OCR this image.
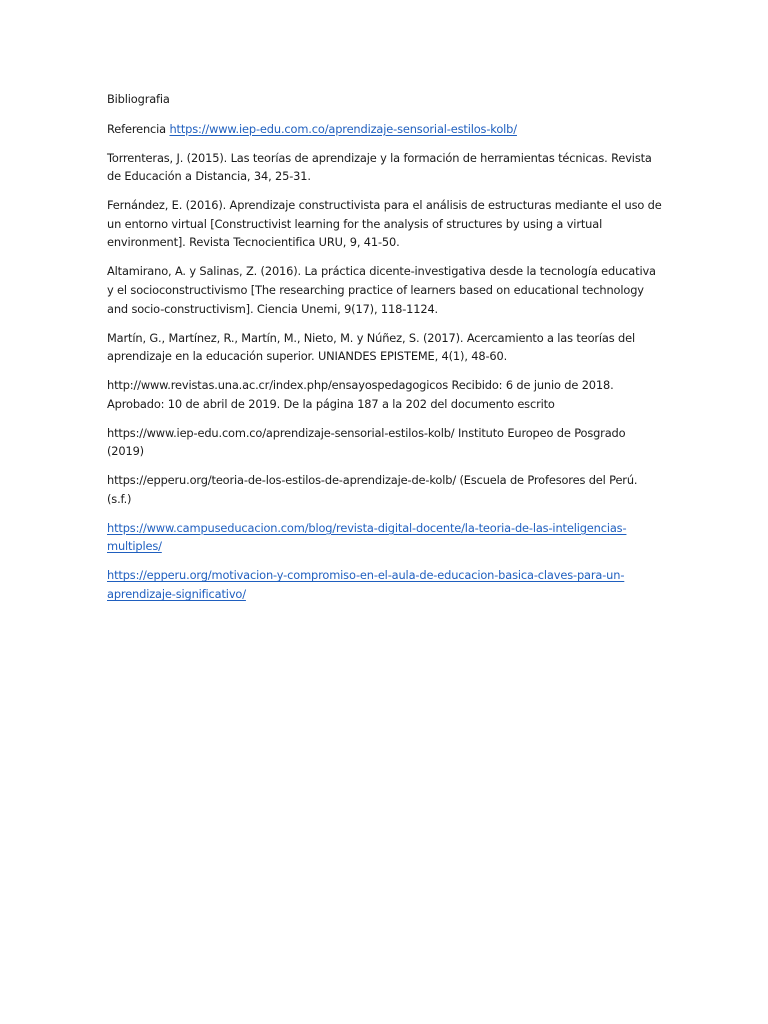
Bibliografia

Referencia https://www.iep-edu.com.co/aprendizaje-sensorial-estilos-kolb/

Torrenteras, J. (2015). Las teorías de aprendizaje y la formación de herramientas técnicas. Revista de Educación a Distancia, 34, 25-31.

Fernández, E. (2016). Aprendizaje constructivista para el análisis de estructuras mediante el uso de un entorno virtual [Constructivist learning for the analysis of structures by using a virtual environment]. Revista Tecnocientifica URU, 9, 41-50.

Altamirano, A. y Salinas, Z. (2016). La práctica dicente-investigativa desde la tecnología educativa y el socioconstructivismo [The researching practice of learners based on educational technology and socio-constructivism]. Ciencia Unemi, 9(17), 118-1124.

Martín, G., Martínez, R., Martín, M., Nieto, M. y Núñez, S. (2017). Acercamiento a las teorías del aprendizaje en la educación superior. UNIANDES EPISTEME, 4(1), 48-60.

http://www.revistas.una.ac.cr/index.php/ensayospedagogicos Recibido: 6 de junio de 2018. Aprobado: 10 de abril de 2019. De la página 187 a la 202 del documento escrito

https://www.iep-edu.com.co/aprendizaje-sensorial-estilos-kolb/ Instituto Europeo de Posgrado (2019)

https://epperu.org/teoria-de-los-estilos-de-aprendizaje-de-kolb/ (Escuela de Profesores del Perú. (s.f.)

https://www.campuseducacion.com/blog/revista-digital-docente/la-teoria-de-las-inteligencias-multiples/

https://epperu.org/motivacion-y-compromiso-en-el-aula-de-educacion-basica-claves-para-un-aprendizaje-significativo/
